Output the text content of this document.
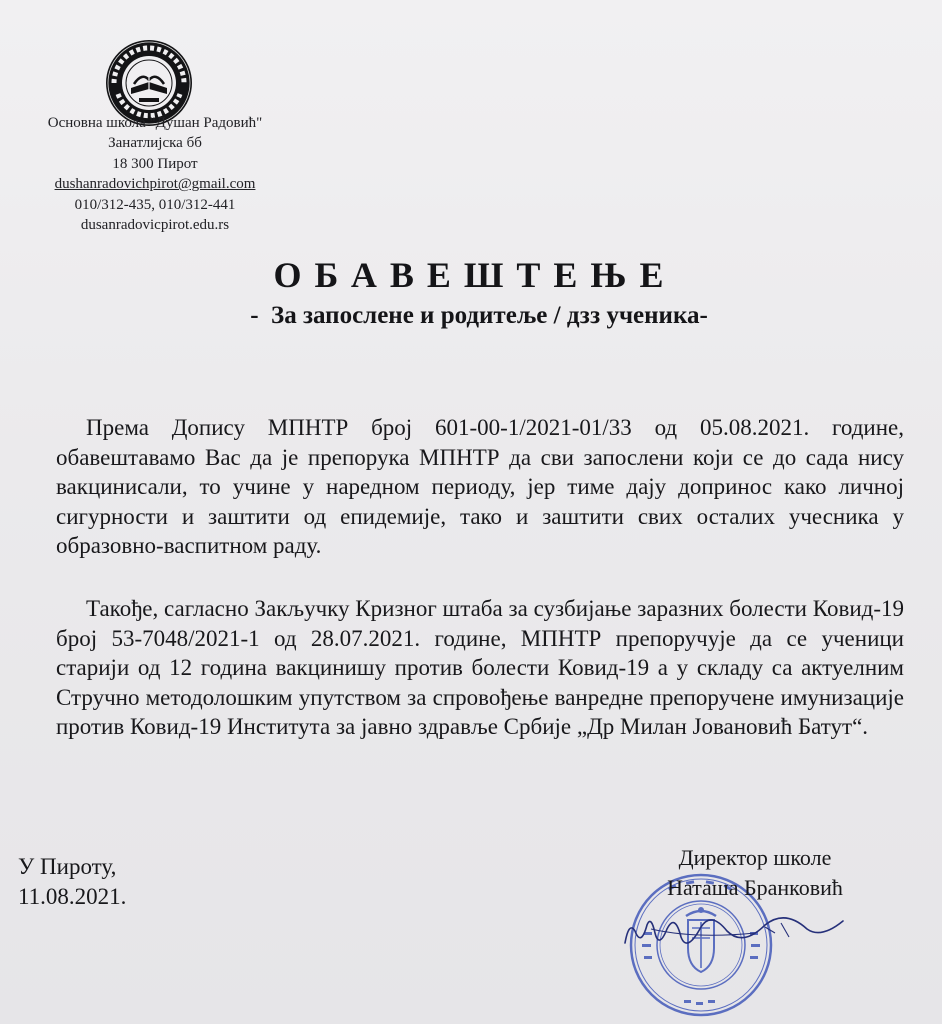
Основна школа "Душан Радовић"
Занатлијска бб
18 300 Пирот
dushanradovichpirot@gmail.com
010/312-435, 010/312-441
dusanradovicpirot.edu.rs
ОБАВЕШТЕЊЕ
-  За запослене и родитеље / дзз ученика-

Према Допису МПНТР број 601-00-1/2021-01/33 од 05.08.2021. године, обавештавамо Вас да је препорука МПНТР да сви запослени који се до сада нису вакцинисали, то учине у наредном периоду, јер тиме дају допринос како личној сигурности и заштити од епидемије, тако и заштити свих осталих учесника у образовно-васпитном раду.

Такође, сагласно Закључку Кризног штаба за сузбијање заразних болести Ковид-19 број 53-7048/2021-1 од 28.07.2021. године, МПНТР препоручује да се ученици старији од 12 година вакцинишу против болести Ковид-19 а у складу са актуелним Стручно методолошким упутством за спровођење ванредне препоручене имунизације против Ковид-19 Института за јавно здравље Србије „Др Милан Јовановић Батут“.

У Пироту,
11.08.2021.
Директор школе
Наташа Бранковић
